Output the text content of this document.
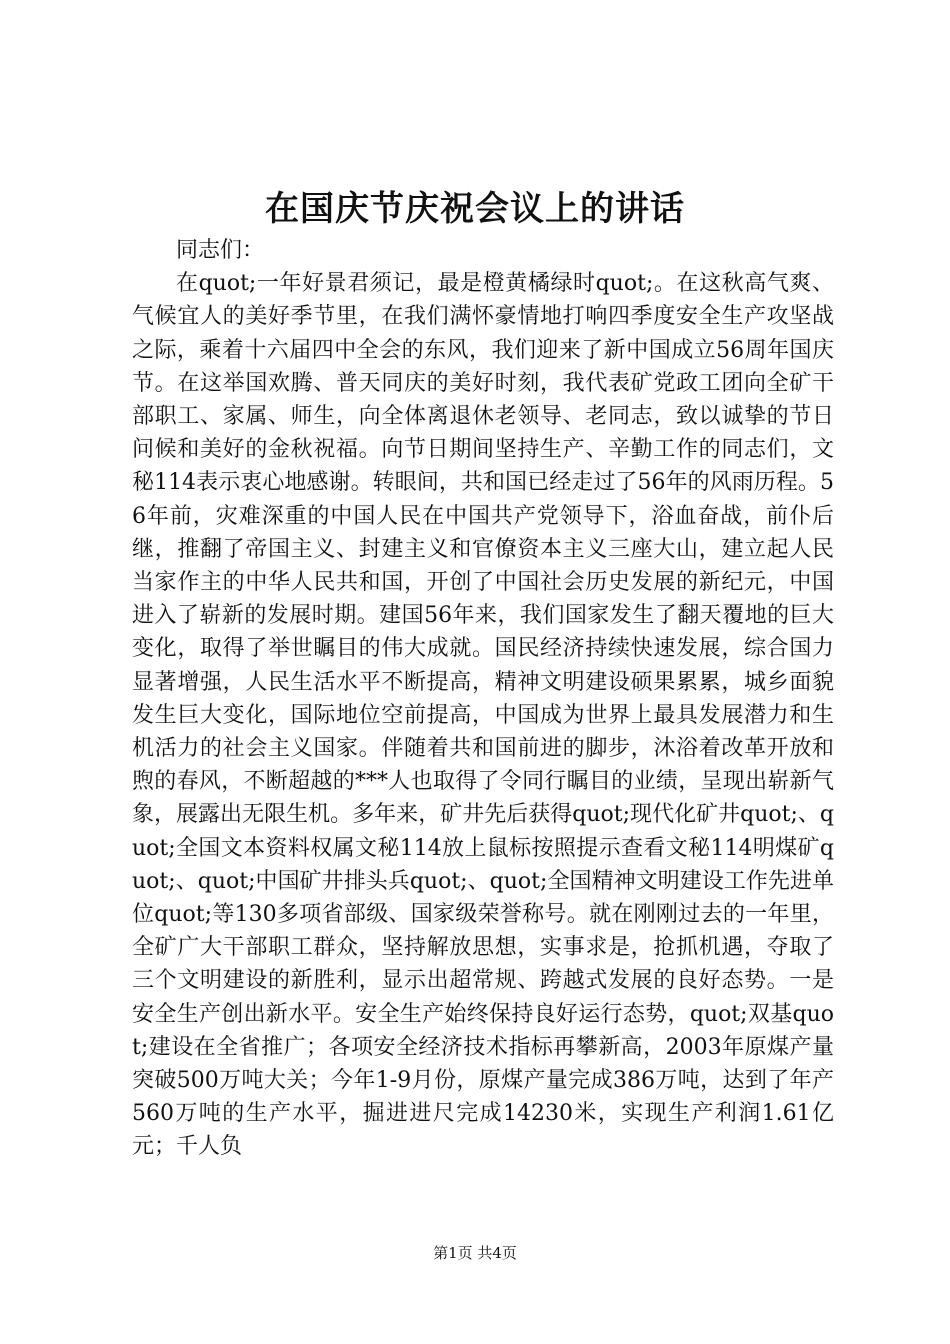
在国庆节庆祝会议上的讲话

同志们：

在quot;一年好景君须记，最是橙黄橘绿时quot;。在这秋高气爽、气候宜人的美好季节里，在我们满怀豪情地打响四季度安全生产攻坚战之际，乘着十六届四中全会的东风，我们迎来了新中国成立56周年国庆节。在这举国欢腾、普天同庆的美好时刻，我代表矿党政工团向全矿干部职工、家属、师生，向全体离退休老领导、老同志，致以诚挚的节日问候和美好的金秋祝福。向节日期间坚持生产、辛勤工作的同志们，文秘114表示衷心地感谢。转眼间，共和国已经走过了56年的风雨历程。56年前，灾难深重的中国人民在中国共产党领导下，浴血奋战，前仆后继，推翻了帝国主义、封建主义和官僚资本主义三座大山，建立起人民当家作主的中华人民共和国，开创了中国社会历史发展的新纪元，中国进入了崭新的发展时期。建国56年来，我们国家发生了翻天覆地的巨大变化，取得了举世瞩目的伟大成就。国民经济持续快速发展，综合国力显著增强，人民生活水平不断提高，精神文明建设硕果累累，城乡面貌发生巨大变化，国际地位空前提高，中国成为世界上最具发展潜力和生机活力的社会主义国家。伴随着共和国前进的脚步，沐浴着改革开放和煦的春风，不断超越的***人也取得了令同行瞩目的业绩，呈现出崭新气象，展露出无限生机。多年来，矿井先后获得quot;现代化矿井quot;、quot;全国文本资料权属文秘114放上鼠标按照提示查看文秘114明煤矿quot;、quot;中国矿井排头兵quot;、quot;全国精神文明建设工作先进单位quot;等130多项省部级、国家级荣誉称号。就在刚刚过去的一年里，全矿广大干部职工群众，坚持解放思想，实事求是，抢抓机遇，夺取了三个文明建设的新胜利，显示出超常规、跨越式发展的良好态势。一是安全生产创出新水平。安全生产始终保持良好运行态势，quot;双基quot;建设在全省推广；各项安全经济技术指标再攀新高，2003年原煤产量突破500万吨大关；今年1-9月份，原煤产量完成386万吨，达到了年产560万吨的生产水平，掘进进尺完成14230米，实现生产利润1.61亿元；千人负

第1页 共4页
